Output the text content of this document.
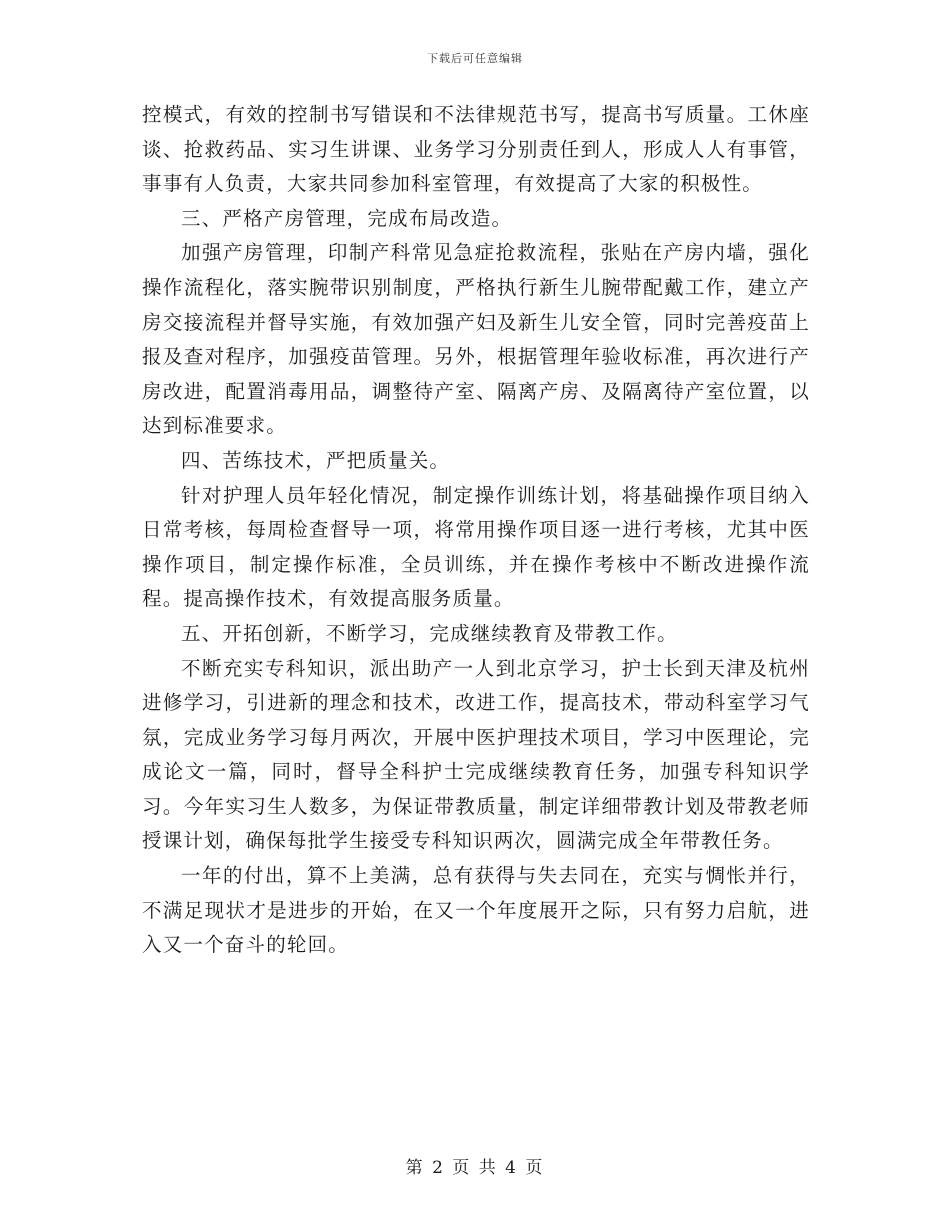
下载后可任意编辑

控模式，有效的控制书写错误和不法律规范书写，提高书写质量。工休座谈、抢救药品、实习生讲课、业务学习分别责任到人，形成人人有事管，事事有人负责，大家共同参加科室管理，有效提高了大家的积极性。

三、严格产房管理，完成布局改造。

加强产房管理，印制产科常见急症抢救流程，张贴在产房内墙，强化操作流程化，落实腕带识别制度，严格执行新生儿腕带配戴工作，建立产房交接流程并督导实施，有效加强产妇及新生儿安全管，同时完善疫苗上报及查对程序，加强疫苗管理。另外，根据管理年验收标准，再次进行产房改进，配置消毒用品，调整待产室、隔离产房、及隔离待产室位置，以达到标准要求。

四、苦练技术，严把质量关。

针对护理人员年轻化情况，制定操作训练计划，将基础操作项目纳入日常考核，每周检查督导一项，将常用操作项目逐一进行考核，尤其中医操作项目，制定操作标准，全员训练，并在操作考核中不断改进操作流程。提高操作技术，有效提高服务质量。

五、开拓创新，不断学习，完成继续教育及带教工作。

不断充实专科知识，派出助产一人到北京学习，护士长到天津及杭州进修学习，引进新的理念和技术，改进工作，提高技术，带动科室学习气氛，完成业务学习每月两次，开展中医护理技术项目，学习中医理论，完成论文一篇，同时，督导全科护士完成继续教育任务，加强专科知识学习。今年实习生人数多，为保证带教质量，制定详细带教计划及带教老师授课计划，确保每批学生接受专科知识两次，圆满完成全年带教任务。

一年的付出，算不上美满，总有获得与失去同在，充实与惆怅并行，不满足现状才是进步的开始，在又一个年度展开之际，只有努力启航，进入又一个奋斗的轮回。

第 2 页 共 4 页
